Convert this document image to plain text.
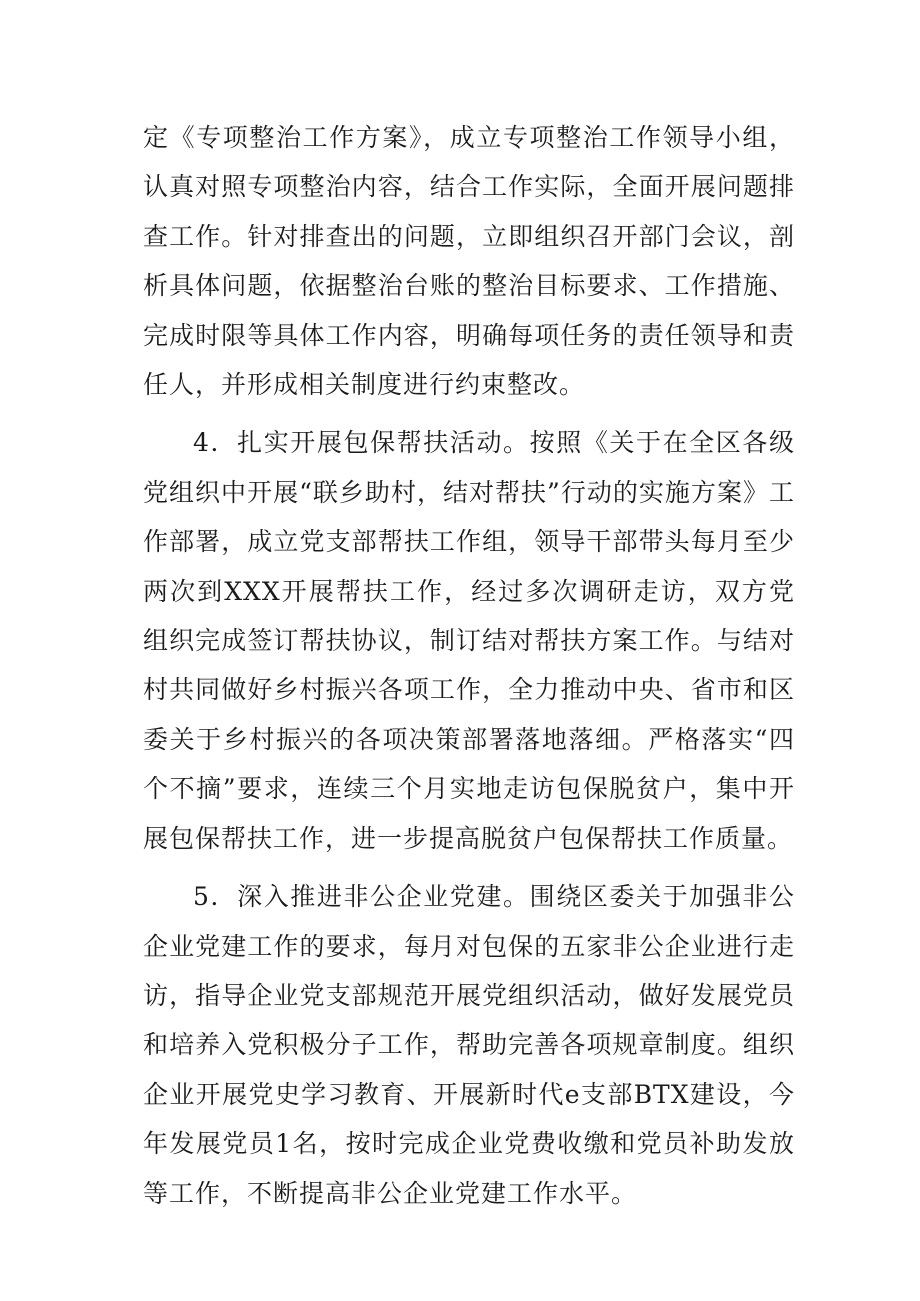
定《专项整治工作方案》，成立专项整治工作领导小组，认真对照专项整治内容，结合工作实际，全面开展问题排查工作。针对排查出的问题，立即组织召开部门会议，剖析具体问题，依据整治台账的整治目标要求、工作措施、完成时限等具体工作内容，明确每项任务的责任领导和责任人，并形成相关制度进行约束整改。

4．扎实开展包保帮扶活动。按照《关于在全区各级党组织中开展“联乡助村，结对帮扶”行动的实施方案》工作部署，成立党支部帮扶工作组，领导干部带头每月至少两次到XXX开展帮扶工作，经过多次调研走访，双方党组织完成签订帮扶协议，制订结对帮扶方案工作。与结对村共同做好乡村振兴各项工作，全力推动中央、省市和区委关于乡村振兴的各项决策部署落地落细。严格落实“四个不摘”要求，连续三个月实地走访包保脱贫户，集中开展包保帮扶工作，进一步提高脱贫户包保帮扶工作质量。

5．深入推进非公企业党建。围绕区委关于加强非公企业党建工作的要求，每月对包保的五家非公企业进行走访，指导企业党支部规范开展党组织活动，做好发展党员和培养入党积极分子工作，帮助完善各项规章制度。组织企业开展党史学习教育、开展新时代e支部BTX建设，今年发展党员1名，按时完成企业党费收缴和党员补助发放等工作，不断提高非公企业党建工作水平。
